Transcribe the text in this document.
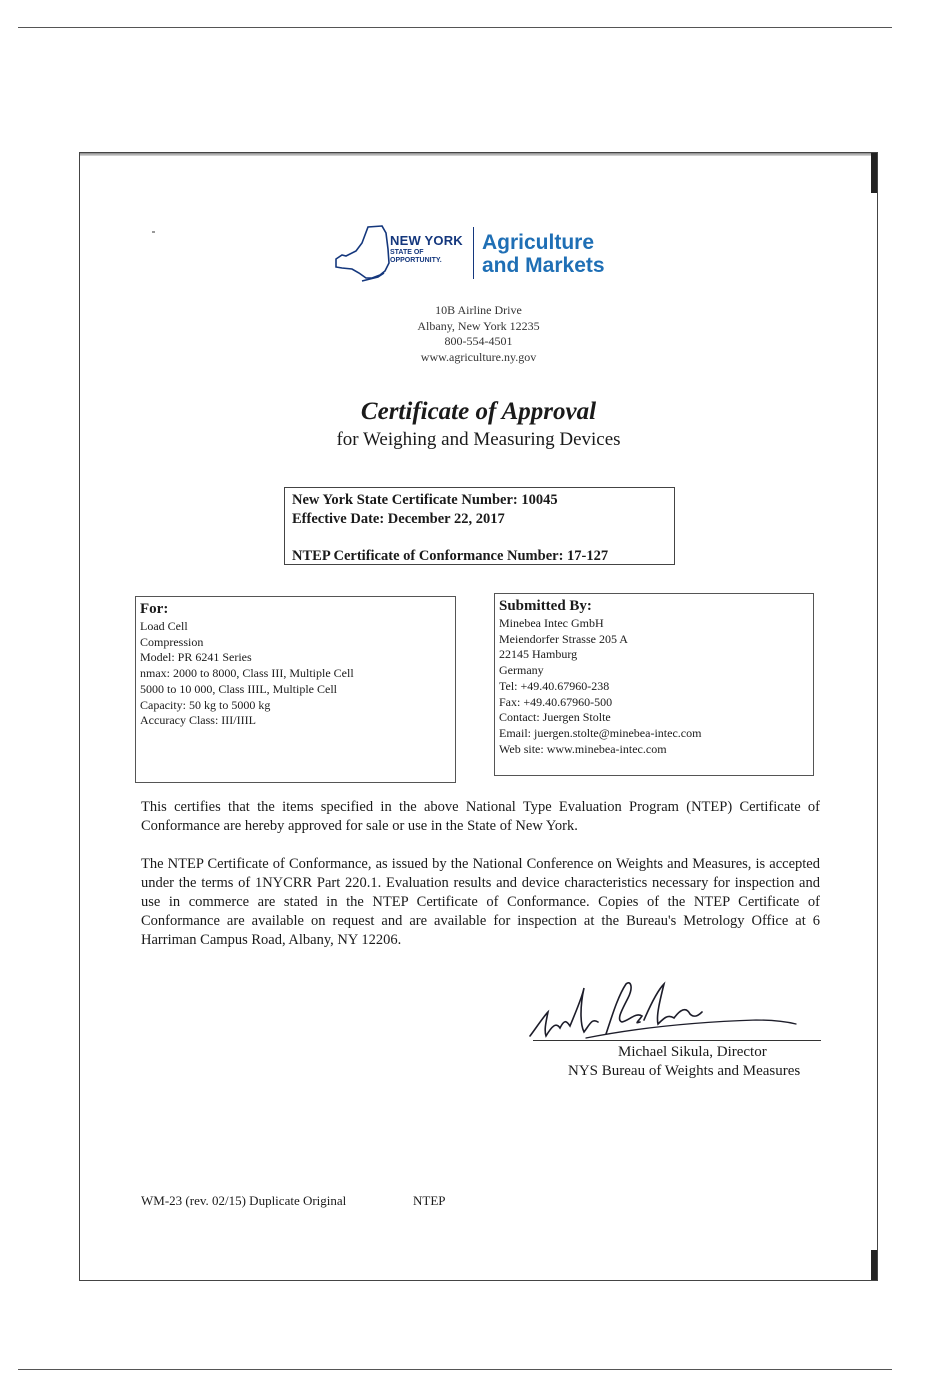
NEW YORK
STATE OF OPPORTUNITY.
Agriculture
and Markets
10B Airline Drive
Albany, New York 12235
800-554-4501
www.agriculture.ny.gov
Certificate of Approval
for Weighing and Measuring Devices
New York State Certificate Number: 10045
Effective Date: December 22, 2017
NTEP Certificate of Conformance Number: 17-127
For:
Load Cell
Compression
Model: PR 6241 Series
nmax: 2000 to 8000, Class III, Multiple Cell
5000 to 10 000, Class IIIL, Multiple Cell
Capacity: 50 kg to 5000 kg
Accuracy Class: III/IIIL
Submitted By:
Minebea Intec GmbH
Meiendorfer Strasse 205 A
22145 Hamburg
Germany
Tel: +49.40.67960-238
Fax: +49.40.67960-500
Contact: Juergen Stolte
Email: juergen.stolte@minebea-intec.com
Web site: www.minebea-intec.com
This certifies that the items specified in the above National Type Evaluation Program (NTEP) Certificate of Conformance are hereby approved for sale or use in the State of New York.
The NTEP Certificate of Conformance, as issued by the National Conference on Weights and Measures, is accepted under the terms of 1NYCRR Part 220.1. Evaluation results and device characteristics necessary for inspection and use in commerce are stated in the NTEP Certificate of Conformance. Copies of the NTEP Certificate of Conformance are available on request and are available for inspection at the Bureau's Metrology Office at 6 Harriman Campus Road, Albany, NY 12206.
Michael Sikula, Director
NYS Bureau of Weights and Measures
WM-23 (rev. 02/15) Duplicate Original	NTEP
